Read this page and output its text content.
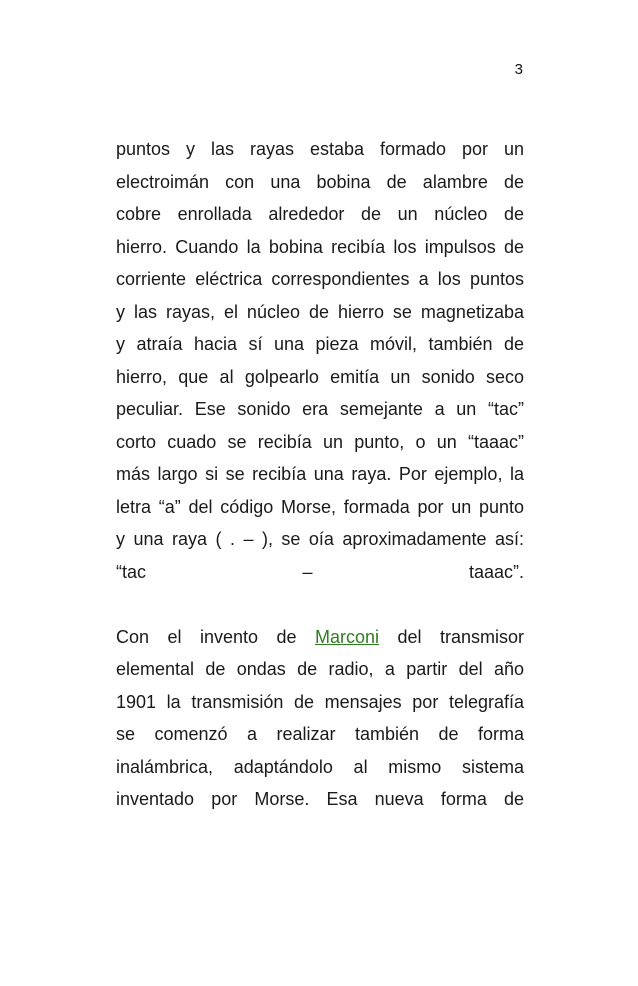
3
puntos y las rayas estaba formado por un
electroimán con una bobina de alambre de
cobre enrollada alrededor de un núcleo de
hierro. Cuando la bobina recibía los impulsos de
corriente eléctrica correspondientes a los puntos
y las rayas, el núcleo de hierro se magnetizaba
y atraía hacia sí una pieza móvil, también de
hierro, que al golpearlo emitía un sonido seco
peculiar. Ese sonido era semejante a un “tac”
corto cuado se recibía un punto, o un “taaac”
más largo si se recibía una raya. Por ejemplo, la
letra “a” del código Morse, formada por un punto
y una raya ( . – ), se oía aproximadamente así:
“tac – taaac”.
Con el invento de Marconi del transmisor
elemental de ondas de radio, a partir del año
1901 la transmisión de mensajes por telegrafía
se comenzó a realizar también de forma
inalámbrica, adaptándolo al mismo sistema
inventado por Morse. Esa nueva forma de
